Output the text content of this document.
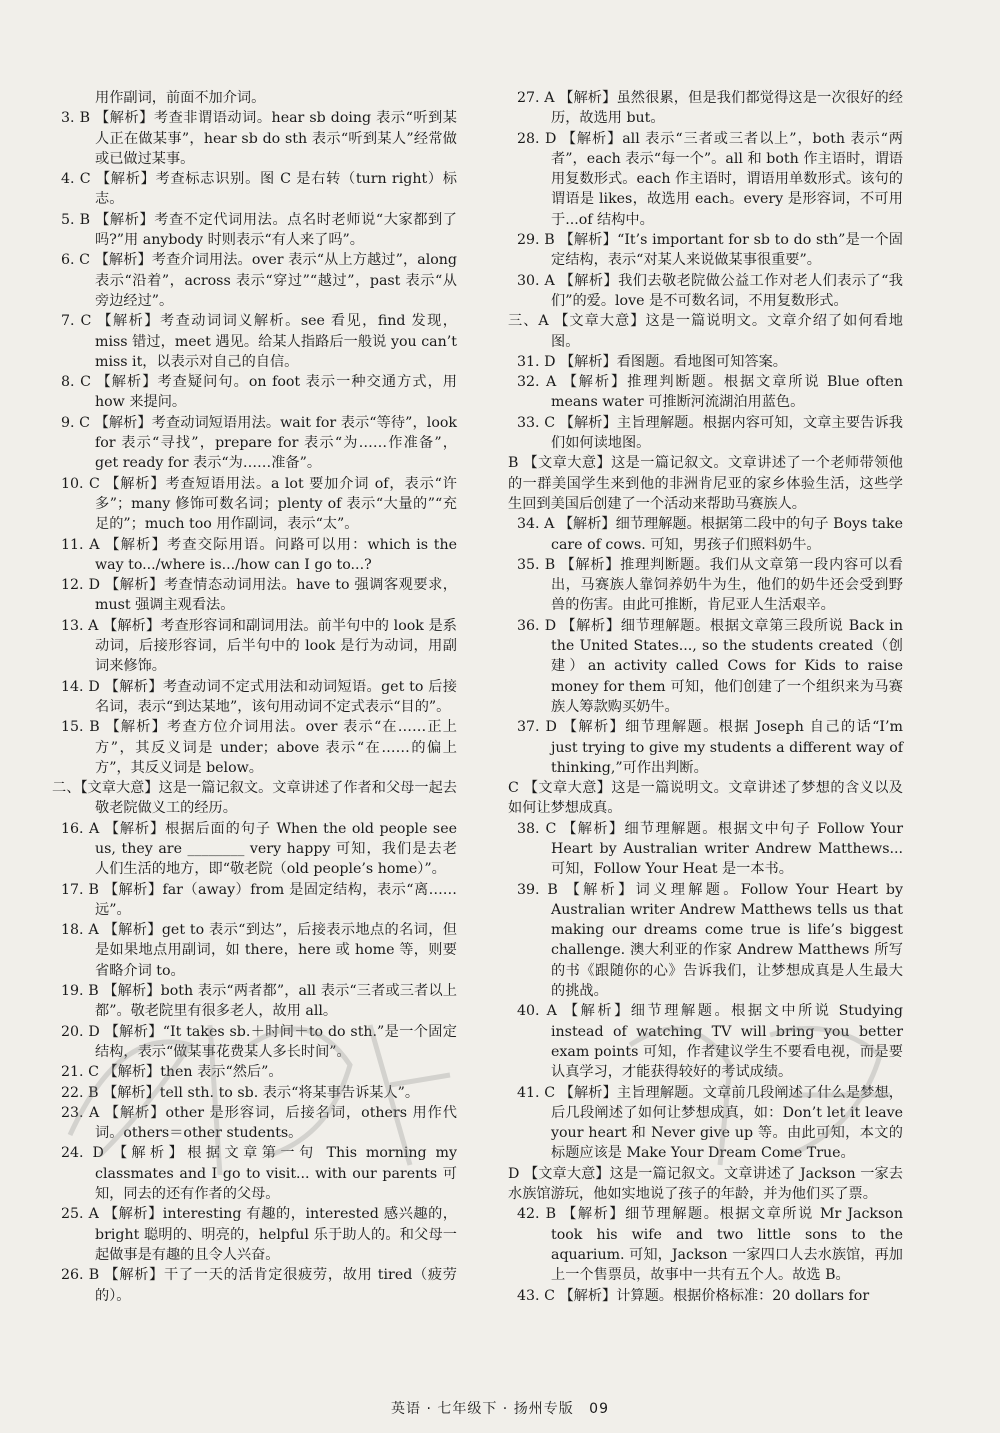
用作副词，前面不加介词。

3. B 【解析】考查非谓语动词。hear sb doing 表示“听到某人正在做某事”，hear sb do sth 表示“听到某人”经常做或已做过某事。

4. C 【解析】考查标志识别。图 C 是右转（turn right）标志。

5. B 【解析】考查不定代词用法。点名时老师说“大家都到了吗?”用 anybody 时则表示“有人来了吗”。

6. C 【解析】考查介词用法。over 表示“从上方越过”，along 表示“沿着”，across 表示“穿过”“越过”，past 表示“从旁边经过”。

7. C 【解析】考查动词词义解析。see 看见，find 发现，miss 错过，meet 遇见。给某人指路后一般说 you can’t miss it，以表示对自己的自信。

8. C 【解析】考查疑问句。on foot 表示一种交通方式，用 how 来提问。

9. C 【解析】考查动词短语用法。wait for 表示“等待”，look for 表示“寻找”，prepare for 表示“为……作准备”，get ready for 表示“为……准备”。

10. C 【解析】考查短语用法。a lot 要加介词 of，表示“许多”；many 修饰可数名词；plenty of 表示“大量的”“充足的”；much too 用作副词，表示“太”。

11. A 【解析】考查交际用语。问路可以用：which is the way to.../where is.../how can I go to...?

12. D 【解析】考查情态动词用法。have to 强调客观要求，must 强调主观看法。

13. A 【解析】考查形容词和副词用法。前半句中的 look 是系动词，后接形容词，后半句中的 look 是行为动词，用副词来修饰。

14. D 【解析】考查动词不定式用法和动词短语。get to 后接名词，表示“到达某地”，该句用动词不定式表示“目的”。

15. B 【解析】考查方位介词用法。over 表示“在……正上方”，其反义词是 under；above 表示“在……的偏上方”，其反义词是 below。

二、【文章大意】这是一篇记叙文。文章讲述了作者和父母一起去敬老院做义工的经历。

16. A 【解析】根据后面的句子 When the old people see us, they are ________ very happy 可知，我们是去老人们生活的地方，即“敬老院（old people’s home）”。

17. B 【解析】far（away）from 是固定结构，表示“离……远”。

18. A 【解析】get to 表示“到达”，后接表示地点的名词，但是如果地点用副词，如 there，here 或 home 等，则要省略介词 to。

19. B 【解析】both 表示“两者都”，all 表示“三者或三者以上都”。敬老院里有很多老人，故用 all。

20. D 【解析】“It takes sb.＋时间＋to do sth.”是一个固定结构，表示“做某事花费某人多长时间”。

21. C 【解析】then 表示“然后”。

22. B 【解析】tell sth. to sb. 表示“将某事告诉某人”。

23. A 【解析】other 是形容词，后接名词，others 用作代词。others＝other students。

24. D 【解析】根据文章第一句 This morning my classmates and I go to visit... with our parents 可知，同去的还有作者的父母。

25. A 【解析】interesting 有趣的，interested 感兴趣的，bright 聪明的、明亮的，helpful 乐于助人的。和父母一起做事是有趣的且令人兴奋。

26. B 【解析】干了一天的活肯定很疲劳，故用 tired（疲劳的）。

27. A 【解析】虽然很累，但是我们都觉得这是一次很好的经历，故选用 but。

28. D 【解析】all 表示“三者或三者以上”，both 表示“两者”，each 表示“每一个”。all 和 both 作主语时，谓语用复数形式。each 作主语时，谓语用单数形式。该句的谓语是 likes，故选用 each。every 是形容词，不可用于...of 结构中。

29. B 【解析】“It’s important for sb to do sth”是一个固定结构，表示“对某人来说做某事很重要”。

30. A 【解析】我们去敬老院做公益工作对老人们表示了“我们”的爱。love 是不可数名词，不用复数形式。

三、A 【文章大意】这是一篇说明文。文章介绍了如何看地图。

31. D 【解析】看图题。看地图可知答案。

32. A 【解析】推理判断题。根据文章所说 Blue often means water 可推断河流湖泊用蓝色。

33. C 【解析】主旨理解题。根据内容可知，文章主要告诉我们如何读地图。

B 【文章大意】这是一篇记叙文。文章讲述了一个老师带领他的一群美国学生来到他的非洲肯尼亚的家乡体验生活，这些学生回到美国后创建了一个活动来帮助马赛族人。

34. A 【解析】细节理解题。根据第二段中的句子 Boys take care of cows. 可知，男孩子们照料奶牛。

35. B 【解析】推理判断题。我们从文章第一段内容可以看出，马赛族人靠饲养奶牛为生，他们的奶牛还会受到野兽的伤害。由此可推断，肯尼亚人生活艰辛。

36. D 【解析】细节理解题。根据文章第三段所说 Back in the United States..., so the students created（创建）an activity called Cows for Kids to raise money for them 可知，他们创建了一个组织来为马赛族人筹款购买奶牛。

37. D 【解析】细节理解题。根据 Joseph 自己的话“I’m just trying to give my students a different way of thinking,”可作出判断。

C 【文章大意】这是一篇说明文。文章讲述了梦想的含义以及如何让梦想成真。

38. C 【解析】细节理解题。根据文中句子 Follow Your Heart by Australian writer Andrew Matthews... 可知，Follow Your Heat 是一本书。

39. B 【解析】词义理解题。Follow Your Heart by Australian writer Andrew Matthews tells us that making our dreams come true is life’s biggest challenge. 澳大利亚的作家 Andrew Matthews 所写的书《跟随你的心》告诉我们，让梦想成真是人生最大的挑战。

40. A 【解析】细节理解题。根据文中所说 Studying instead of watching TV will bring you better exam points 可知，作者建议学生不要看电视，而是要认真学习，才能获得较好的考试成绩。

41. C 【解析】主旨理解题。文章前几段阐述了什么是梦想，后几段阐述了如何让梦想成真，如：Don’t let it leave your heart 和 Never give up 等。由此可知，本文的标题应该是 Make Your Dream Come True。

D 【文章大意】这是一篇记叙文。文章讲述了 Jackson 一家去水族馆游玩，他如实地说了孩子的年龄，并为他们买了票。

42. B 【解析】细节理解题。根据文章所说 Mr Jackson took his wife and two little sons to the aquarium. 可知，Jackson 一家四口人去水族馆，再加上一个售票员，故事中一共有五个人。故选 B。

43. C 【解析】计算题。根据价格标准：20 dollars for

英语 · 七年级下 · 扬州专版 09
